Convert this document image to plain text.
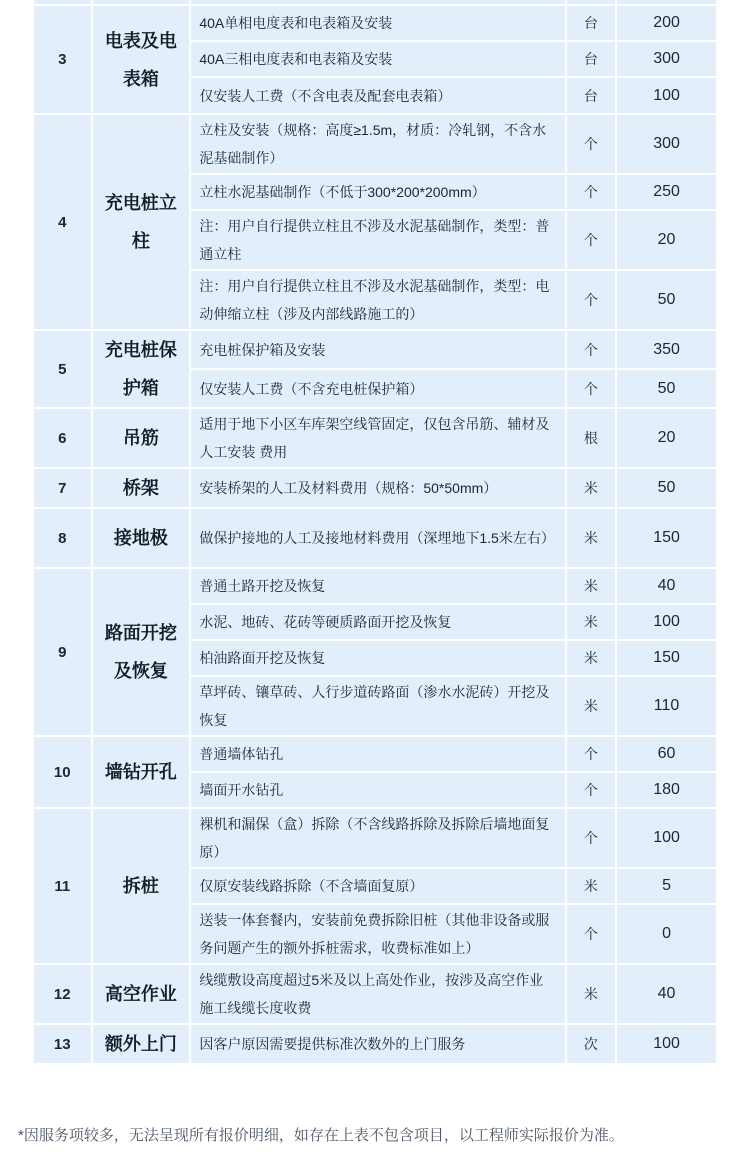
3	电表及电表箱	40A单相电度表和电表箱及安装	台	200
		40A三相电度表和电表箱及安装	台	300
		仅安装人工费（不含电表及配套电表箱）	台	100
4	充电桩立柱	立柱及安装（规格：高度≥1.5m，材质：冷轧钢，不含水泥基础制作）	个	300
		立柱水泥基础制作（不低于300*200*200mm）	个	250
		注：用户自行提供立柱且不涉及水泥基础制作，类型：普通立柱	个	20
		注：用户自行提供立柱且不涉及水泥基础制作，类型：电动伸缩立柱（涉及内部线路施工的）	个	50
5	充电桩保护箱	充电桩保护箱及安装	个	350
		仅安装人工费（不含充电桩保护箱）	个	50
6	吊筋	适用于地下小区车库架空线管固定，仅包含吊筋、辅材及人工安装 费用	根	20
7	桥架	安装桥架的人工及材料费用（规格：50*50mm）	米	50
8	接地极	做保护接地的人工及接地材料费用（深埋地下1.5米左右）	米	150
9	路面开挖及恢复	普通土路开挖及恢复	米	40
		水泥、地砖、花砖等硬质路面开挖及恢复	米	100
		柏油路面开挖及恢复	米	150
		草坪砖、镶草砖、人行步道砖路面（渗水水泥砖）开挖及恢复	米	110
10	墙钻开孔	普通墙体钻孔	个	60
		墙面开水钻孔	个	180
11	拆桩	裸机和漏保（盒）拆除（不含线路拆除及拆除后墙地面复原）	个	100
		仅原安装线路拆除（不含墙面复原）	米	5
		送装一体套餐内，安装前免费拆除旧桩（其他非设备或服务问题产生的额外拆桩需求，收费标准如上）	个	0
12	高空作业	线缆敷设高度超过5米及以上高处作业，按涉及高空作业施工线缆长度收费	米	40
13	额外上门	因客户原因需要提供标准次数外的上门服务	次	100
*因服务项较多，无法呈现所有报价明细，如存在上表不包含项目，以工程师实际报价为准。
